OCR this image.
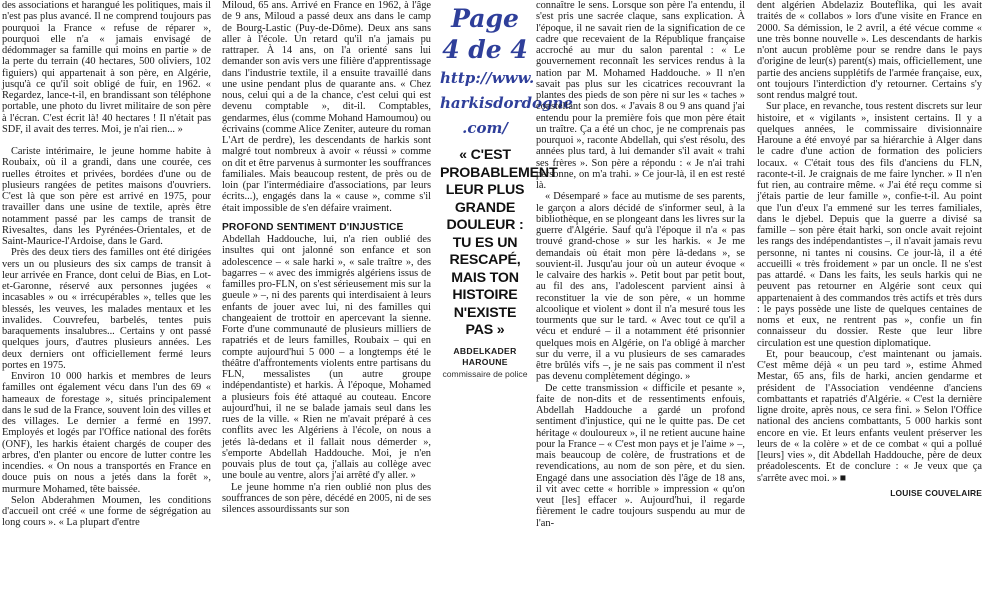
des associations et harangué les politiques, mais il n'est pas plus avancé. Il ne comprend toujours pas pourquoi la France « refuse de réparer », pourquoi elle n'a « jamais envisagé de dédommager sa famille qui moins en partie » de la perte du terrain (40 hectares, 500 oliviers, 102 figuiers) qui appartenait à son père, en Algérie, jusqu'à ce qu'il soit obligé de fuir, en 1962. « Regardez, lance-t-il, en brandissant son téléphone portable, une photo du livret militaire de son père à l'écran. C'est écrit là! 40 hectares ! Il n'était pas SDF, il avait des terres. Moi, je n'ai rien... »

Cariste intérimaire, le jeune homme habite à Roubaix, où il a grandi, dans une courée, ces ruelles étroites et privées, bordées d'une ou de plusieurs rangées de petites maisons d'ouvriers. C'est là que son père est arrivé en 1975, pour travailler dans une usine de textile, après être notamment passé par les camps de transit de Rivesaltes, dans les Pyrénées-Orientales, et de Saint-Maurice-l'Ardoise, dans le Gard.

Près des deux tiers des familles ont été dirigées vers un ou plusieurs des six camps de transit à leur arrivée en France, dont celui de Bias, en Lot-et-Garonne, réservé aux personnes jugées « incasables » ou « irrécupérables », telles que les blessés, les veuves, les malades mentaux et les invalides. Couvrefeu, barbelés, tentes puis baraquements insalubres... Certains y ont passé quelques jours, d'autres plusieurs années. Les deux derniers ont officiellement fermé leurs portes en 1975.

Environ 10 000 harkis et membres de leurs familles ont également vécu dans l'un des 69 « hameaux de forestage », situés principalement dans le sud de la France, souvent loin des villes et des villages. Le dernier a fermé en 1997. Employés et logés par l'Office national des forêts (ONF), les harkis étaient chargés de couper des arbres, d'en planter ou encore de lutter contre les incendies. « On nous a transportés en France en douce puis on nous a jetés dans la forêt », murmure Mohamed, tête baissée.

Selon Abderahmen Moumen, les conditions d'accueil ont créé « une forme de ségrégation au long cours ». « La plupart d'entre

Miloud, 65 ans. Arrivé en France en 1962, à l'âge de 9 ans, Miloud a passé deux ans dans le camp de Bourg-Lastic (Puy-de-Dôme). Deux ans sans aller à l'école. Un retard qu'il n'a jamais pu rattraper. À 14 ans, on l'a orienté sans lui demander son avis vers une filière d'apprentissage dans l'industrie textile, il a ensuite travaillé dans une usine pendant plus de quarante ans. « Chez nous, celui qui a de la chance, c'est celui qui est devenu comptable », dit-il. Comptables, gendarmes, élus (comme Mohand Hamoumou) ou écrivains (comme Alice Zeniter, auteure du roman L'Art de perdre), les descendants de harkis sont malgré tout nombreux à avoir « réussi » comme on dit et être parvenus à surmonter les souffrances familiales. Mais beaucoup restent, de près ou de loin (par l'intermédiaire d'associations, par leurs écrits...), engagés dans la « cause », comme s'il était impossible de s'en défaire vraiment.

PROFOND SENTIMENT D'INJUSTICE

Abdellah Haddouche, lui, n'a rien oublié des insultes qui ont jalonné son enfance et son adolescence – « sale harki », « sale traître », des bagarres – « avec des immigrés algériens issus de familles pro-FLN, on s'est sérieusement mis sur la gueule » –, ni des parents qui interdisaient à leurs enfants de jouer avec lui, ni des familles qui changeaient de trottoir en apercevant la sienne. Forte d'une communauté de plusieurs milliers de rapatriés et de leurs familles, Roubaix – qui en compte aujourd'hui 5 000 – a longtemps été le théâtre d'affrontements violents entre partisans du FLN, messalistes (un autre groupe indépendantiste) et harkis. À l'époque, Mohamed a plusieurs fois été attaqué au couteau. Encore aujourd'hui, il ne se balade jamais seul dans les rues de la ville. « Rien ne m'avait préparé à ces conflits avec les Algériens à l'école, on nous a jetés là-dedans et il fallait nous démerder », s'emporte Abdellah Haddouche. Moi, je n'en pouvais plus de tout ça, j'allais au collège avec une boule au ventre, alors j'ai arrêté d'y aller. »

Le jeune homme n'a rien oublié non plus des souffrances de son père, décédé en 2005, ni de ses silences assourdissants sur son

Page
4 de 4
http://www.
harkisdordogne
.com/
« C'EST PROBABLEMENT LEUR PLUS GRANDE DOULEUR : TU ES UN RESCAPÉ, MAIS TON HISTOIRE N'EXISTE PAS »
ABDELKADER HAROUNE
commissaire de police

connaître le sens. Lorsque son père l'a entendu, il s'est pris une sacrée claque, sans explication. À l'époque, il ne savait rien de la signification de ce cadre que recevaient de la République française accroché au mur du salon parental : « Le gouvernement reconnaît les services rendus à la nation par M. Mohamed Haddouche. » Il n'en savait pas plus sur les cicatrices recouvrant la plantes des pieds de son père ni sur les « taches » constellant son dos. « J'avais 8 ou 9 ans quand j'ai entendu pour la première fois que mon père était un traître. Ça a été un choc, je ne comprenais pas pourquoi », raconte Abdellah, qui s'est résolu, des années plus tard, à lui demander s'il avait « trahi ses frères ». Son père a répondu : « Je n'ai trahi personne, on m'a trahi. » Ce jour-là, il en est resté là.

« Désemparé » face au mutisme de ses parents, le garçon a alors décidé de s'informer seul, à la bibliothèque, en se plongeant dans les livres sur la guerre d'Algérie. Sauf qu'à l'époque il n'a « pas trouvé grand-chose » sur les harkis. « Je me demandais où était mon père là-dedans », se souvient-il. Jusqu'au jour où un auteur évoque « le calvaire des harkis ». Petit bout par petit bout, au fil des ans, l'adolescent parvient ainsi à reconstituer la vie de son père, « un homme alcoolique et violent » dont il n'a mesuré tous les tourments que sur le tard. « Avec tout ce qu'il a vécu et enduré – il a notamment été prisonnier quelques mois en Algérie, on l'a obligé à marcher sur du verre, il a vu plusieurs de ses camarades être brûlés vifs –, je ne sais pas comment il n'est pas devenu complètement dégingo. »

De cette transmission « difficile et pesante », faite de non-dits et de ressentiments enfouis, Abdellah Haddouche a gardé un profond sentiment d'injustice, qui ne le quitte pas. De cet héritage « douloureux », il ne retient aucune haine pour la France – « C'est mon pays et je l'aime » –, mais beaucoup de colère, de frustrations et de revendications, au nom de son père, et du sien. Engagé dans une association dès l'âge de 18 ans, il vit avec cette « horrible » impression « qu'on veut [les] effacer ». Aujourd'hui, il regarde fièrement le cadre toujours suspendu au mur de l'an-

dent algérien Abdelaziz Bouteflika, qui les avait traités de « collabos » lors d'une visite en France en 2000. Sa démission, le 2 avril, a été vécue comme « une très bonne nouvelle ». Les descendants de harkis n'ont aucun problème pour se rendre dans le pays d'origine de leur(s) parent(s) mais, officiellement, une partie des anciens supplétifs de l'armée française, eux, ont toujours l'interdiction d'y retourner. Certains s'y sont rendus malgré tout.

Sur place, en revanche, tous restent discrets sur leur histoire, et « vigilants », insistent certains. Il y a quelques années, le commissaire divisionnaire Haroune a été envoyé par sa hiérarchie à Alger dans le cadre d'une action de formation des policiers locaux. « C'était tous des fils d'anciens du FLN, raconte-t-il. Je craignais de me faire lyncher. » Il n'en fut rien, au contraire même. « J'ai été reçu comme si j'étais partie de leur famille », confie-t-il. Au point que l'un d'eux l'a emmené sur les terres familiales, dans le djebel. Depuis que la guerre a divisé sa famille – son père était harki, son oncle avait rejoint les rangs des indépendantistes –, il n'avait jamais revu personne, ni tantes ni cousins. Ce jour-là, il a été accueilli « très froidement » par un oncle. Il ne s'est pas attardé. « Dans les faits, les seuls harkis qui ne peuvent pas retourner en Algérie sont ceux qui appartenaient à des commandos très actifs et très durs : le pays possède une liste de quelques centaines de noms et eux, ne rentrent pas », confie un fin connaisseur du dossier. Reste que leur libre circulation est une question diplomatique.

Et, pour beaucoup, c'est maintenant ou jamais. C'est même déjà « un peu tard », estime Ahmed Mestar, 65 ans, fils de harki, ancien gendarme et président de l'Association vendéenne d'anciens combattants et rapatriés d'Algérie. « C'est la dernière ligne droite, après nous, ce sera fini. » Selon l'Office national des anciens combattants, 5 000 harkis sont encore en vie. Et leurs enfants veulent préserver les leurs de « la colère » et de ce combat « qui a pollué [leurs] vies », dit Abdellah Haddouche, père de deux préadolescents. Et de conclure : « Je veux que ça s'arrête avec moi. » ■

LOUISE COUVELAIRE
